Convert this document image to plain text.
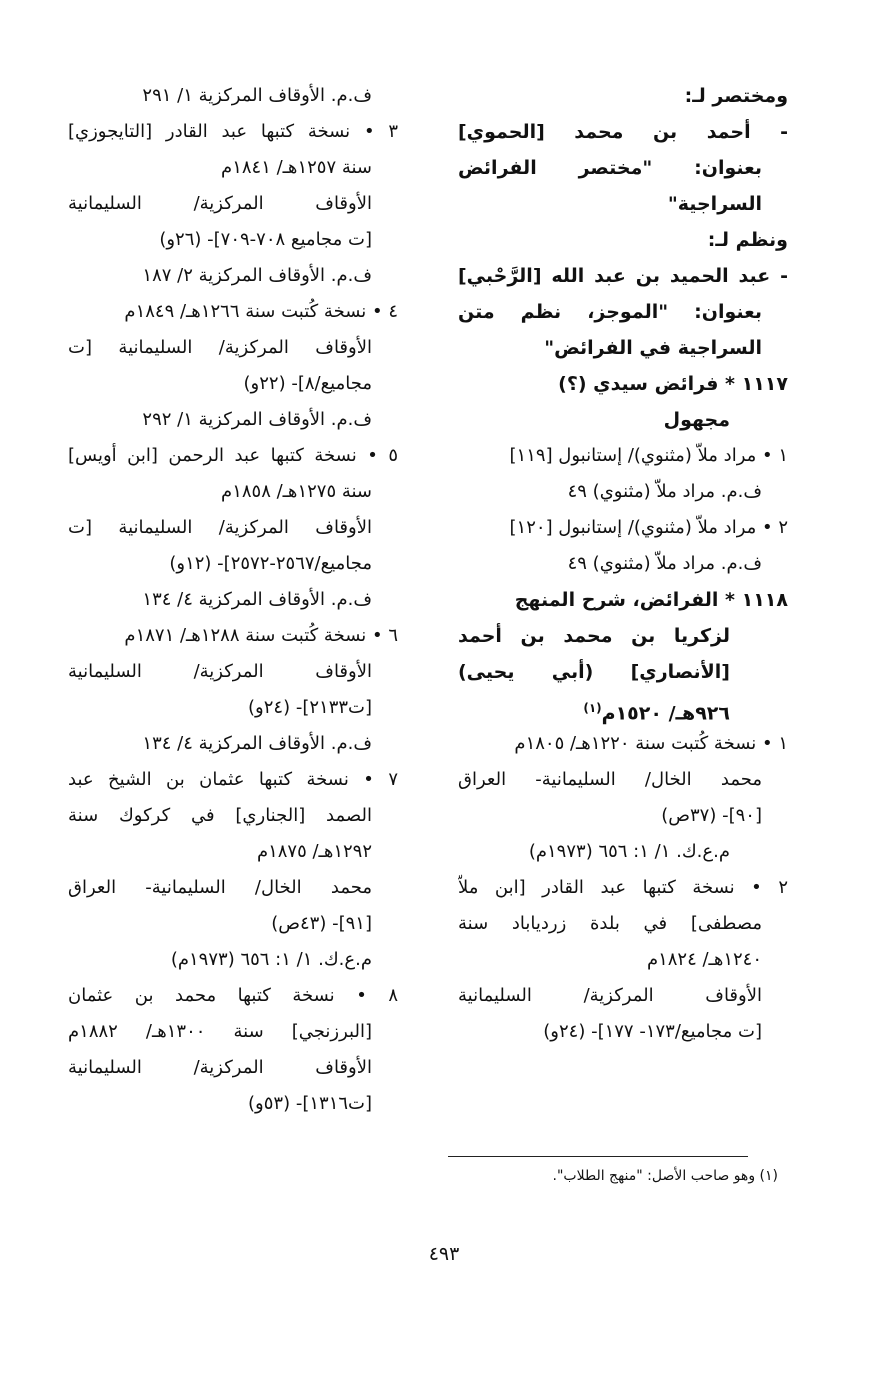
ومختصر لـ:
- أحمد بن محمد [الحموي]
بعنوان: "مختصر الفرائض
السراجية"
ونظم لـ:
- عبد الحميد بن عبد الله [الرَّحْبي]
بعنوان: "الموجز، نظم متن
السراجية في الفرائض"
١١١٧ * فرائض سيدي (؟)
مجهول
١ • مراد ملاّ (مثنوي)/ إستانبول [١١٩]
ف.م. مراد ملاّ (مثنوي) ٤٩
٢ • مراد ملاّ (مثنوي)/ إستانبول [١٢٠]
ف.م. مراد ملاّ (مثنوي) ٤٩
١١١٨ * الفرائض، شرح المنهج
لزكريا بن محمد بن أحمد
[الأنصاري] (أبي يحيى)
٩٢٦هـ/ ١٥٢٠م$^{(١)}$
١ • نسخة كُتبت سنة ١٢٢٠هـ/ ١٨٠٥م
محمد الخال/ السليمانية- العراق
[٩٠]- (٣٧ص)
م.ع.ك. ١/ ١: ٦٥٦ (١٩٧٣م)
٢ • نسخة كتبها عبد القادر [ابن ملاّ
مصطفى] في بلدة زردياباد سنة
١٢٤٠هـ/ ١٨٢٤م
الأوقاف المركزية/ السليمانية
[ت مجاميع/١٧٣- ١٧٧]- (٢٤و)
ف.م. الأوقاف المركزية ١/ ٢٩١
٣ • نسخة كتبها عبد القادر [التايجوزي]
سنة ١٢٥٧هـ/ ١٨٤١م
الأوقاف المركزية/ السليمانية
[ت مجاميع ٧٠٨-٧٠٩]- (٢٦و)
ف.م. الأوقاف المركزية ٢/ ١٨٧
٤ • نسخة كُتبت سنة ١٢٦٦هـ/ ١٨٤٩م
الأوقاف المركزية/ السليمانية [ت
مجاميع/٨]- (٢٢و)
ف.م. الأوقاف المركزية ١/ ٢٩٢
٥ • نسخة كتبها عبد الرحمن [ابن أويس]
سنة ١٢٧٥هـ/ ١٨٥٨م
الأوقاف المركزية/ السليمانية [ت
مجاميع/٢٥٦٧-٢٥٧٢]- (١٢و)
ف.م. الأوقاف المركزية ٤/ ١٣٤
٦ • نسخة كُتبت سنة ١٢٨٨هـ/ ١٨٧١م
الأوقاف المركزية/ السليمانية
[ت٢١٣٣]- (٢٤و)
ف.م. الأوقاف المركزية ٤/ ١٣٤
٧ • نسخة كتبها عثمان بن الشيخ عبد
الصمد [الجناري] في كركوك سنة
١٢٩٢هـ/ ١٨٧٥م
محمد الخال/ السليمانية- العراق
[٩١]- (٤٣ص)
م.ع.ك. ١/ ١: ٦٥٦ (١٩٧٣م)
٨ • نسخة كتبها محمد بن عثمان
[البرزنجي] سنة ١٣٠٠هـ/ ١٨٨٢م
الأوقاف المركزية/ السليمانية
[ت١٣١٦]- (٥٣و)
(١) وهو صاحب الأصل: "منهج الطلاب".
٤٩٣
